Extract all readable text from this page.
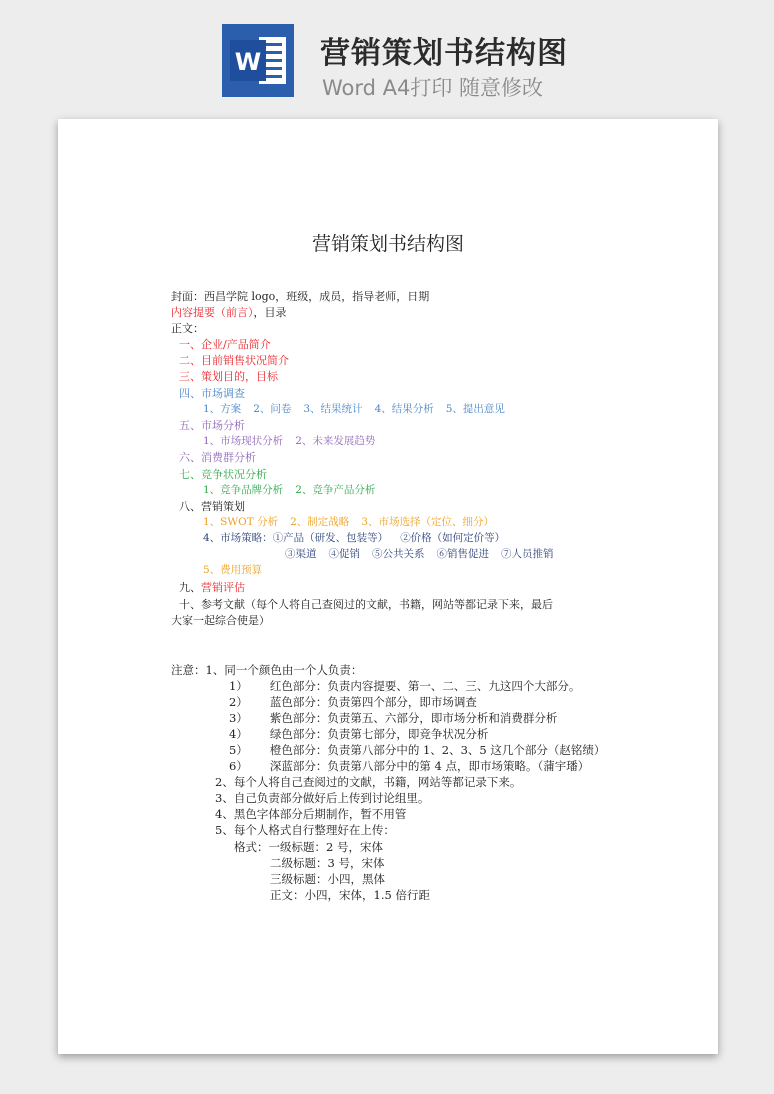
W 营销策划书结构图
Word A4打印 随意修改
营销策划书结构图
封面：西昌学院 logo，班级，成员，指导老师，日期
内容提要（前言），目录
正文：
一、企业/产品简介
二、目前销售状况简介
三、策划目的，目标
四、市场调查
1、方案 2、问卷 3、结果统计 4、结果分析 5、提出意见
五、市场分析
1、市场现状分析 2、未来发展趋势
六、消费群分析
七、竞争状况分析
1、竞争品牌分析 2、竞争产品分析
八、营销策划
1、SWOT 分析 2、制定战略 3、市场选择（定位、细分）
4、市场策略：①产品（研发、包装等） ②价格（如何定价等）
③渠道 ④促销 ⑤公共关系 ⑥销售促进 ⑦人员推销
5、费用预算
九、营销评估
十、参考文献（每个人将自己查阅过的文献，书籍，网站等都记录下来，最后
大家一起综合使是）
注意：1、同一个颜色由一个人负责：
1） 红色部分：负责内容提要、第一、二、三、九这四个大部分。
2） 蓝色部分：负责第四个部分，即市场调查
3） 紫色部分：负责第五、六部分，即市场分析和消费群分析
4） 绿色部分：负责第七部分，即竞争状况分析
5） 橙色部分：负责第八部分中的 1、2、3、5 这几个部分（赵铭绩）
6） 深蓝部分：负责第八部分中的第 4 点，即市场策略。（蒲宇璠）
2、每个人将自己查阅过的文献，书籍，网站等都记录下来。
3、自己负责部分做好后上传到讨论组里。
4、黑色字体部分后期制作，暂不用管
5、每个人格式自行整理好在上传：
格式：一级标题：2 号，宋体
二级标题：3 号，宋体
三级标题：小四，黑体
正文：小四，宋体，1.5 倍行距
